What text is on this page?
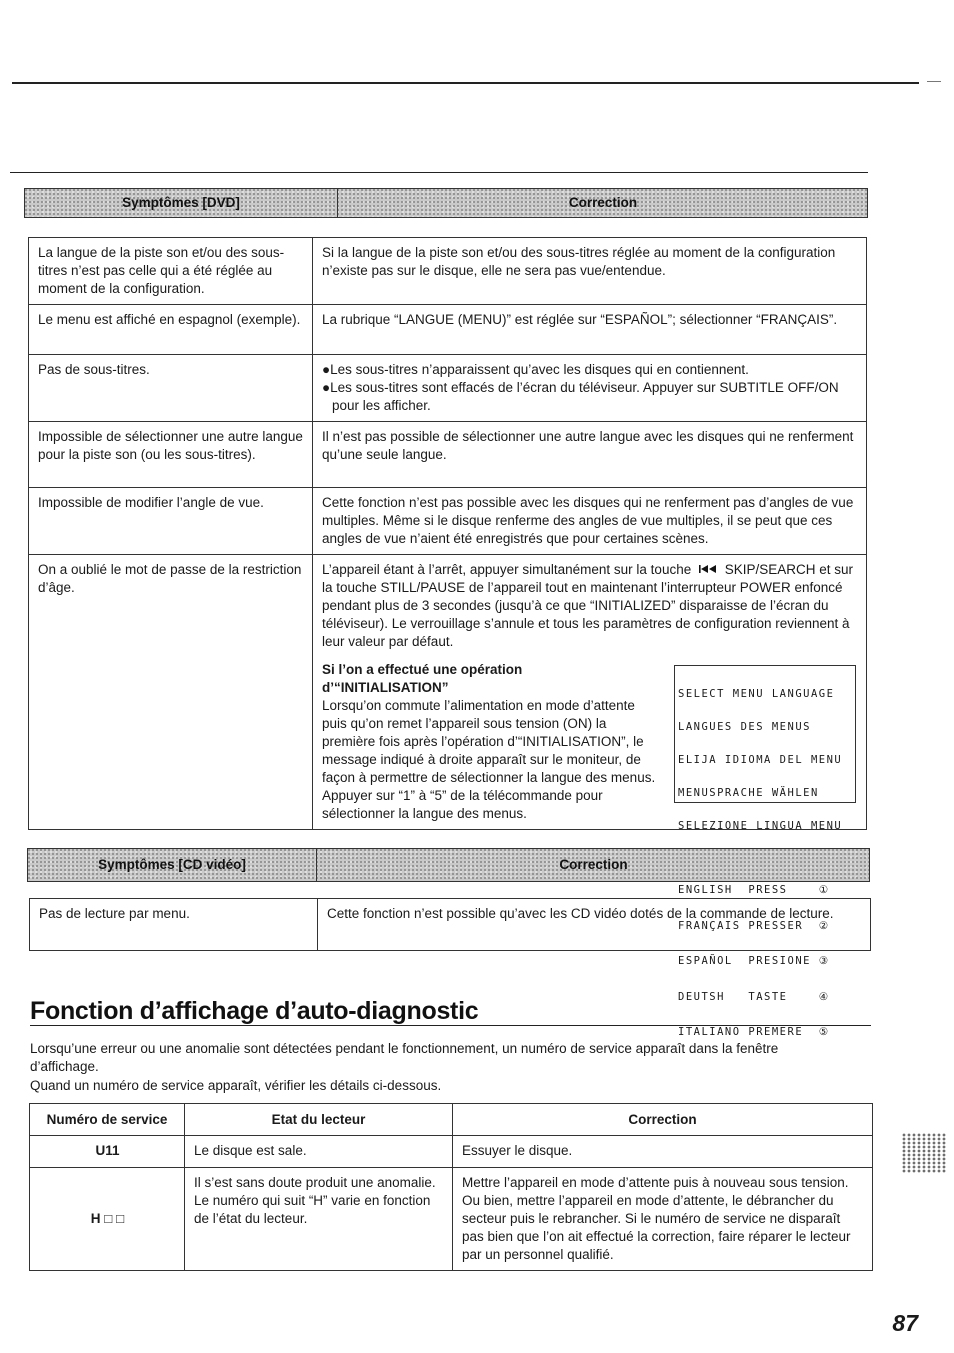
Symptômes [DVD]	Correction
La langue de la piste son et/ou des sous-titres n’est pas celle qui a été réglée au moment de la configuration.	Si la langue de la piste son et/ou des sous-titres réglée au moment de la configuration n’existe pas sur le disque, elle ne sera pas vue/entendue.
Le menu est affiché en espagnol (exemple).	La rubrique “LANGUE (MENU)” est réglée sur “ESPAÑOL”; sélectionner “FRANÇAIS”.
Pas de sous-titres.	●Les sous-titres n’apparaissent qu’avec les disques qui en contiennent.
●Les sous-titres sont effacés de l’écran du téléviseur. Appuyer sur SUBTITLE OFF/ON pour les afficher.

Impossible de sélectionner une autre langue pour la piste son (ou les sous-titres).	Il n’est pas possible de sélectionner une autre langue avec les disques qui ne renferment qu’une seule langue.
Impossible de modifier l’angle de vue.	Cette fonction n’est pas possible avec les disques qui ne renferment pas d’angles de vue multiples. Même si le disque renferme des angles de vue multiples, il se peut que ces angles de vue n’aient été enregistrés que pour certaines scènes.
On a oublié le mot de passe de la restriction d’âge.	L’appareil étant à l’arrêt, appuyer simultanément sur la touche SKIP/SEARCH et sur la touche STILL/PAUSE de l’appareil tout en maintenant l’interrupteur POWER enfoncé pendant plus de 3 secondes (jusqu’à ce que “INITIALIZED” disparaisse de l’écran du téléviseur). Le verrouillage s’annule et tous les paramètres de configuration reviennent à leur valeur par défaut.
Si l’on a effectué une opération d’“INITIALISATION”
Lorsqu’on commute l’alimentation en mode d’attente puis qu’on remet l’appareil sous tension (ON) la première fois après l’opération d’“INITIALISATION”, le message indiqué à droite apparaît sur le moniteur, de façon à permettre de sélectionner la langue des menus. Appuyer sur “1” à “5” de la télécommande pour sélectionner la langue des menus.

SELECT MENU LANGUAGE

LANGUES DES MENUS

ELIJA IDIOMA DEL MENU

MENUSPRACHE WÄHLEN

SELEZIONE LINGUA MENU

ENGLISH  PRESS    ①

FRANÇAIS PRESSER  ②

ESPAÑOL  PRESIONE ③

DEUTSH   TASTE    ④

ITALIANO PREMERE  ⑤

Symptômes [CD vidéo]	Correction
Pas de lecture par menu.	Cette fonction n’est possible qu’avec les CD vidéo dotés de la commande de lecture.
Fonction d’affichage d’auto-diagnostic
Lorsqu’une erreur ou une anomalie sont détectées pendant le fonctionnement, un numéro de service apparaît dans la fenêtre d’affichage.
Quand un numéro de service apparaît, vérifier les détails ci-dessous.
Numéro de service	Etat du lecteur	Correction
U11	Le disque est sale.	Essuyer le disque.
H □ □	Il s’est sans doute produit une anomalie. Le numéro qui suit “H” varie en fonction de l’état du lecteur.	Mettre l’appareil en mode d’attente puis à nouveau sous tension. Ou bien, mettre l’appareil en mode d’attente, le débrancher du secteur puis le rebrancher. Si le numéro de service ne disparaît pas bien que l’on ait effectué la correction, faire réparer le lecteur par un personnel qualifié.
87
